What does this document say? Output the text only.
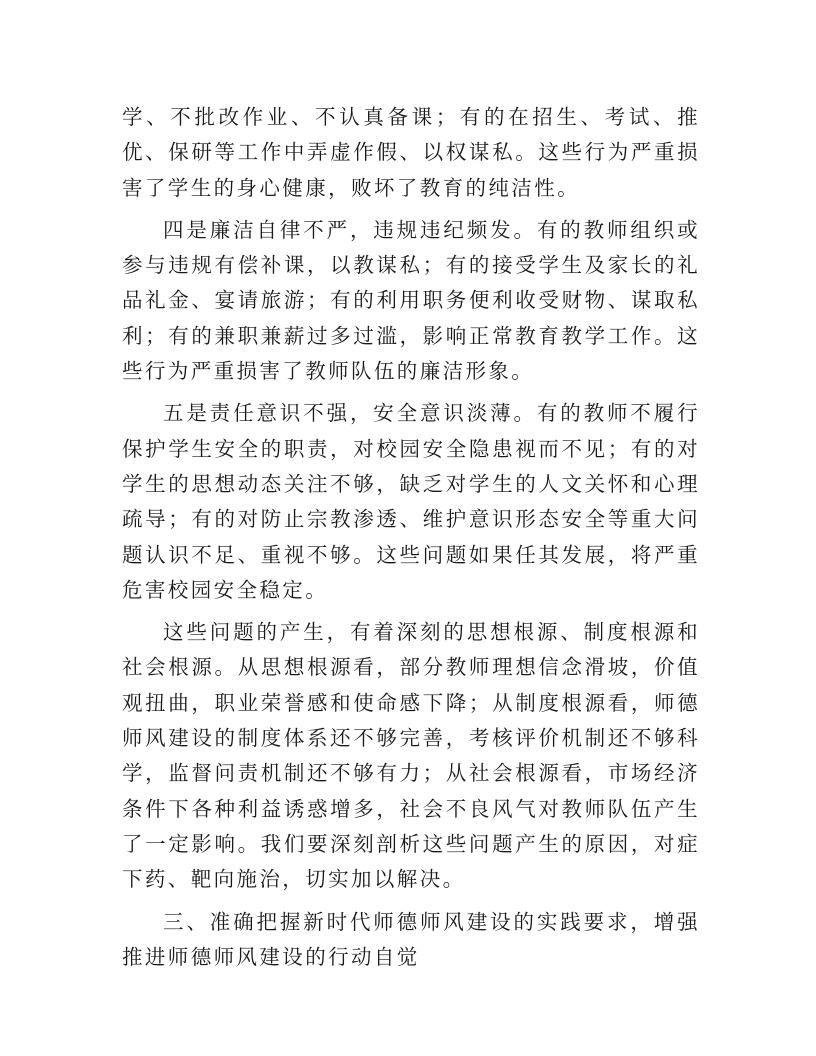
学、不批改作业、不认真备课；有的在招生、考试、推优、保研等工作中弄虚作假、以权谋私。这些行为严重损害了学生的身心健康，败坏了教育的纯洁性。

四是廉洁自律不严，违规违纪频发。有的教师组织或参与违规有偿补课，以教谋私；有的接受学生及家长的礼品礼金、宴请旅游；有的利用职务便利收受财物、谋取私利；有的兼职兼薪过多过滥，影响正常教育教学工作。这些行为严重损害了教师队伍的廉洁形象。

五是责任意识不强，安全意识淡薄。有的教师不履行保护学生安全的职责，对校园安全隐患视而不见；有的对学生的思想动态关注不够，缺乏对学生的人文关怀和心理疏导；有的对防止宗教渗透、维护意识形态安全等重大问题认识不足、重视不够。这些问题如果任其发展，将严重危害校园安全稳定。

这些问题的产生，有着深刻的思想根源、制度根源和社会根源。从思想根源看，部分教师理想信念滑坡，价值观扭曲，职业荣誉感和使命感下降；从制度根源看，师德师风建设的制度体系还不够完善，考核评价机制还不够科学，监督问责机制还不够有力；从社会根源看，市场经济条件下各种利益诱惑增多，社会不良风气对教师队伍产生了一定影响。我们要深刻剖析这些问题产生的原因，对症下药、靶向施治，切实加以解决。

三、准确把握新时代师德师风建设的实践要求，增强推进师德师风建设的行动自觉
